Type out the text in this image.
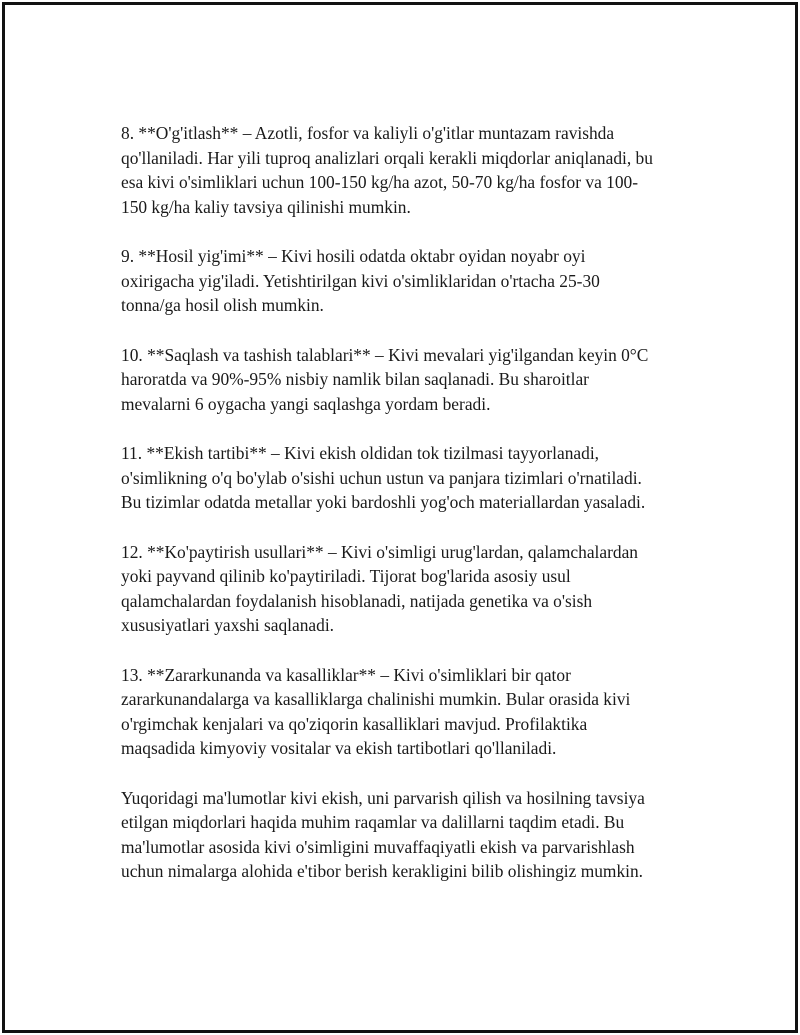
8. **O'g'itlash** – Azotli, fosfor va kaliyli o'g'itlar muntazam ravishda
qo'llaniladi. Har yili tuproq analizlari orqali kerakli miqdorlar aniqlanadi, bu
esa kivi o'simliklari uchun 100-150 kg/ha azot, 50-70 kg/ha fosfor va 100-
150 kg/ha kaliy tavsiya qilinishi mumkin.

9. **Hosil yig'imi** – Kivi hosili odatda oktabr oyidan noyabr oyi
oxirigacha yig'iladi. Yetishtirilgan kivi o'simliklaridan o'rtacha 25-30
tonna/ga hosil olish mumkin.

10. **Saqlash va tashish talablari** – Kivi mevalari yig'ilgandan keyin 0°C
haroratda va 90%-95% nisbiy namlik bilan saqlanadi. Bu sharoitlar
mevalarni 6 oygacha yangi saqlashga yordam beradi.

11. **Ekish tartibi** – Kivi ekish oldidan tok tizilmasi tayyorlanadi,
o'simlikning o'q bo'ylab o'sishi uchun ustun va panjara tizimlari o'rnatiladi.
Bu tizimlar odatda metallar yoki bardoshli yog'och materiallardan yasaladi.

12. **Ko'paytirish usullari** – Kivi o'simligi urug'lardan, qalamchalardan
yoki payvand qilinib ko'paytiriladi. Tijorat bog'larida asosiy usul
qalamchalardan foydalanish hisoblanadi, natijada genetika va o'sish
xususiyatlari yaxshi saqlanadi.

13. **Zararkunanda va kasalliklar** – Kivi o'simliklari bir qator
zararkunandalarga va kasalliklarga chalinishi mumkin. Bular orasida kivi
o'rgimchak kenjalari va qo'ziqorin kasalliklari mavjud. Profilaktika
maqsadida kimyoviy vositalar va ekish tartibotlari qo'llaniladi.

Yuqoridagi ma'lumotlar kivi ekish, uni parvarish qilish va hosilning tavsiya
etilgan miqdorlari haqida muhim raqamlar va dalillarni taqdim etadi. Bu
ma'lumotlar asosida kivi o'simligini muvaffaqiyatli ekish va parvarishlash
uchun nimalarga alohida e'tibor berish kerakligini bilib olishingiz mumkin.
